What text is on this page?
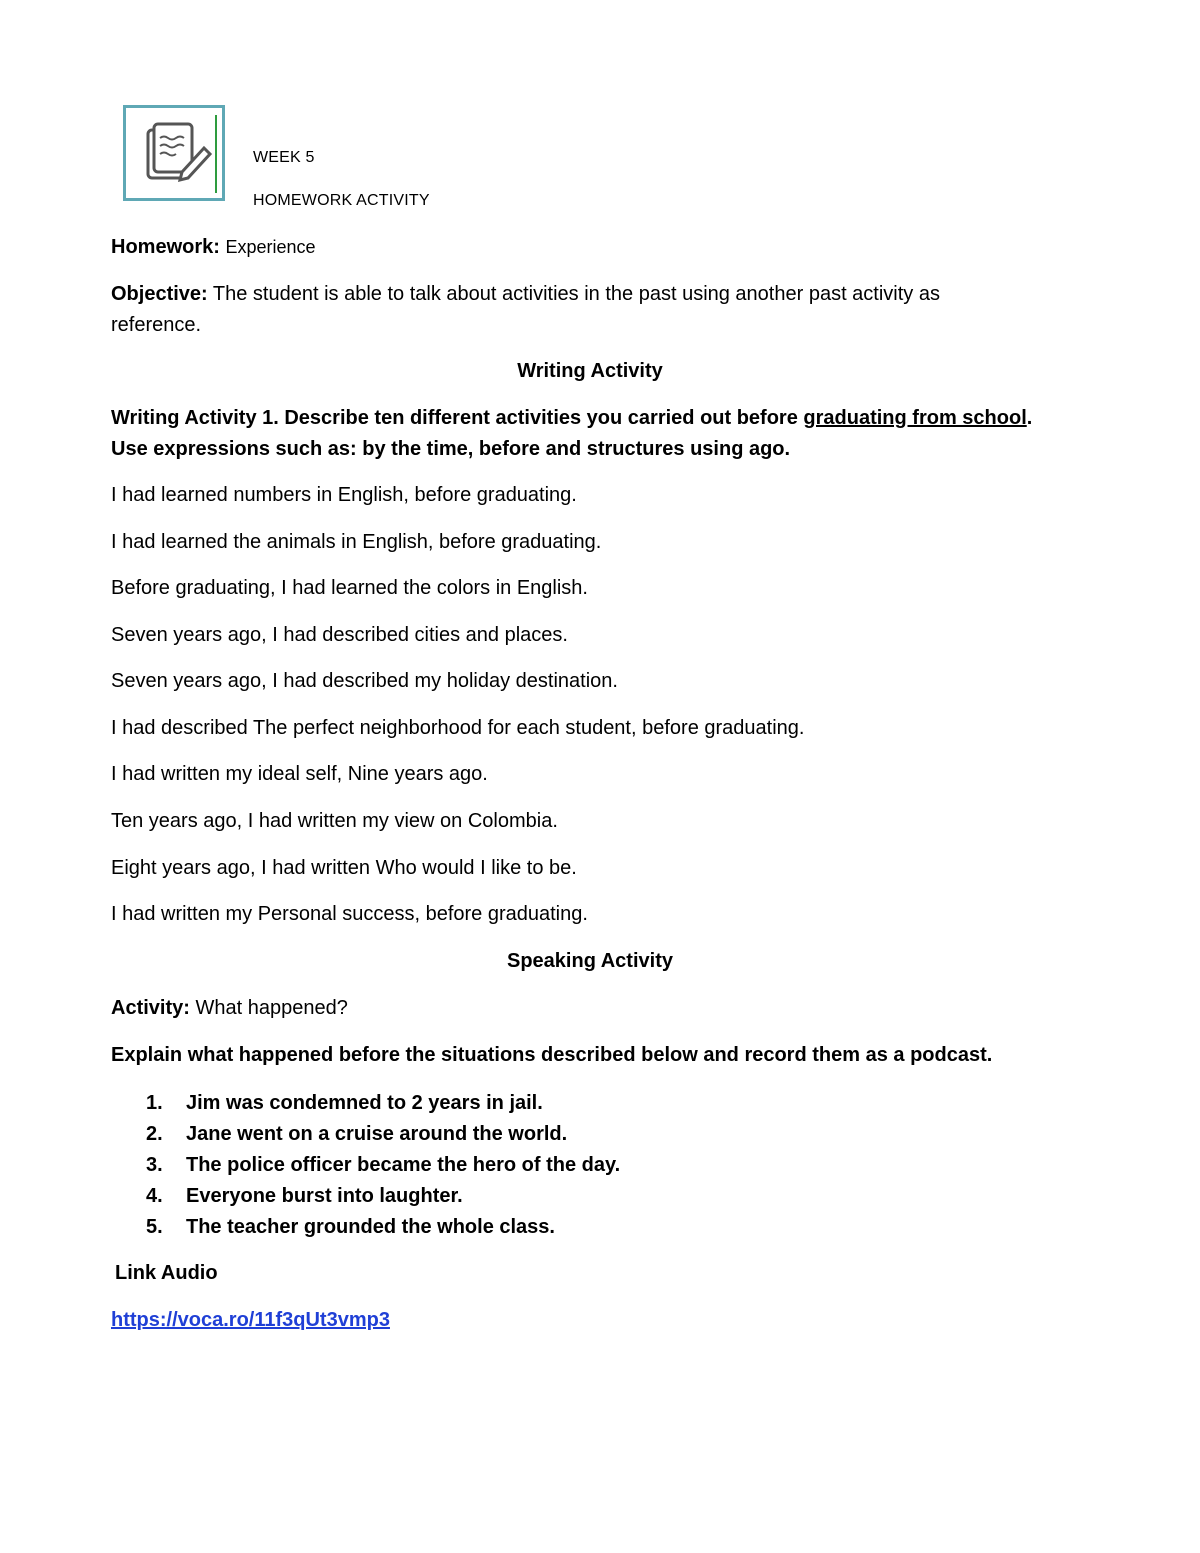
WEEK 5
HOMEWORK ACTIVITY
Homework: Experience
Objective: The student is able to talk about activities in the past using another past activity as
reference.
Writing Activity
Writing Activity 1. Describe ten different activities you carried out before graduating from school.
Use expressions such as: by the time, before and structures using ago.
I had learned numbers in English, before graduating.
I had learned the animals in English, before graduating.
Before graduating, I had learned the colors in English.
Seven years ago, I had described cities and places.
Seven years ago, I had described my holiday destination.
I had described The perfect neighborhood for each student, before graduating.
I had written my ideal self, Nine years ago.
Ten years ago, I had written my view on Colombia.
Eight years ago, I had written Who would I like to be.
I had written my Personal success, before graduating.
Speaking Activity
Activity: What happened?
Explain what happened before the situations described below and record them as a podcast.
1.	Jim was condemned to 2 years in jail.
2.	Jane went on a cruise around the world.
3.	The police officer became the hero of the day.
4.	Everyone burst into laughter.
5.	The teacher grounded the whole class.
Link Audio
https://voca.ro/11f3qUt3vmp3
